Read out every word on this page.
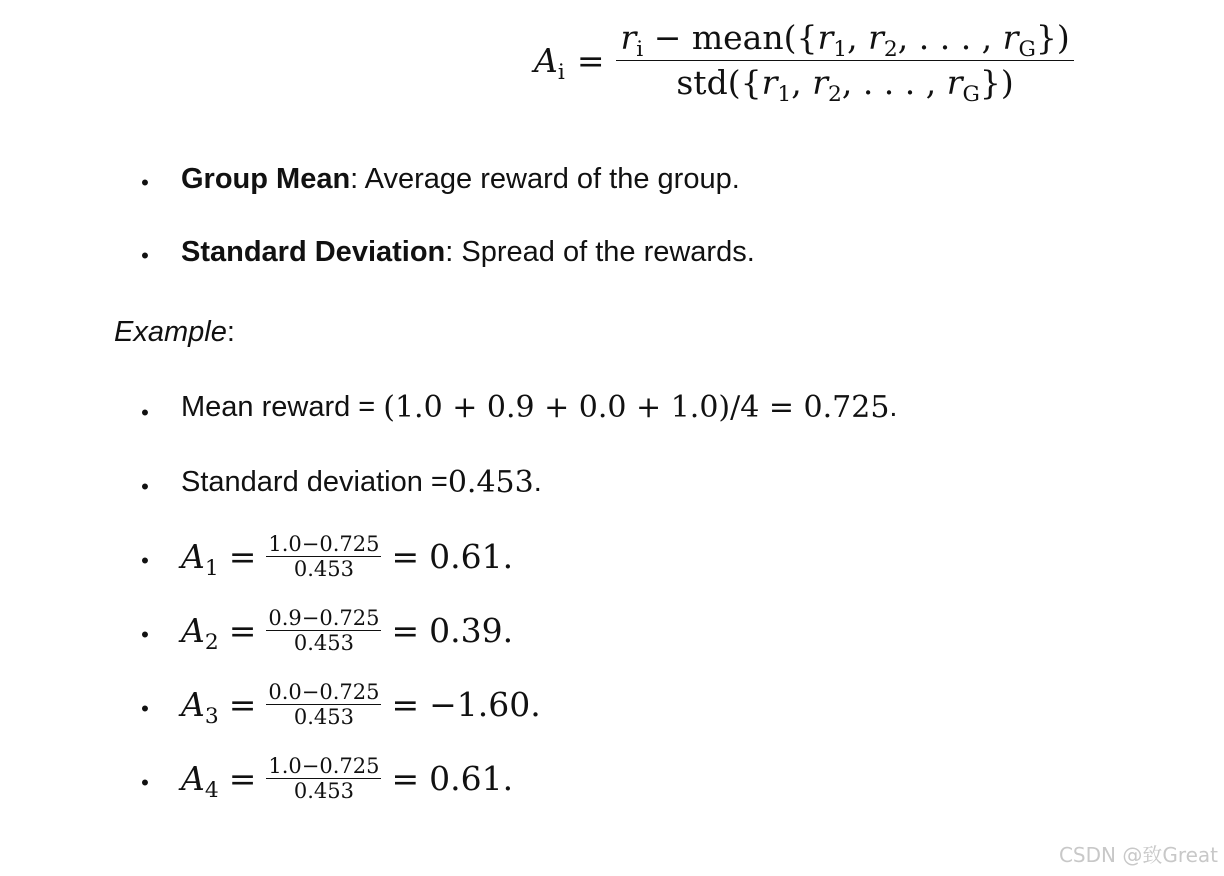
$A_i = \frac{r_i - mean(\{r_1, r_2, . . . , r_G\})}{std(\{r_1, r_2, . . . , r_G\})}$
• Group Mean : Average reward of the group.
• Standard Deviation : Spread of the rewards.
Example:
• Mean reward = (1.0 + 0.9 + 0.0 + 1.0)/4 = 0.725 .
• Standard deviation = 0.453 .
• $A_1 = \frac{1.0-0.725}{0.453} = 0.61$ .
• $A_2 = \frac{0.9-0.725}{0.453} = 0.39$ .
• $A_3 = \frac{0.0-0.725}{0.453} = -1.60$ .
• $A_4 = \frac{1.0-0.725}{0.453} = 0.61$ .
CSDN @致Great
